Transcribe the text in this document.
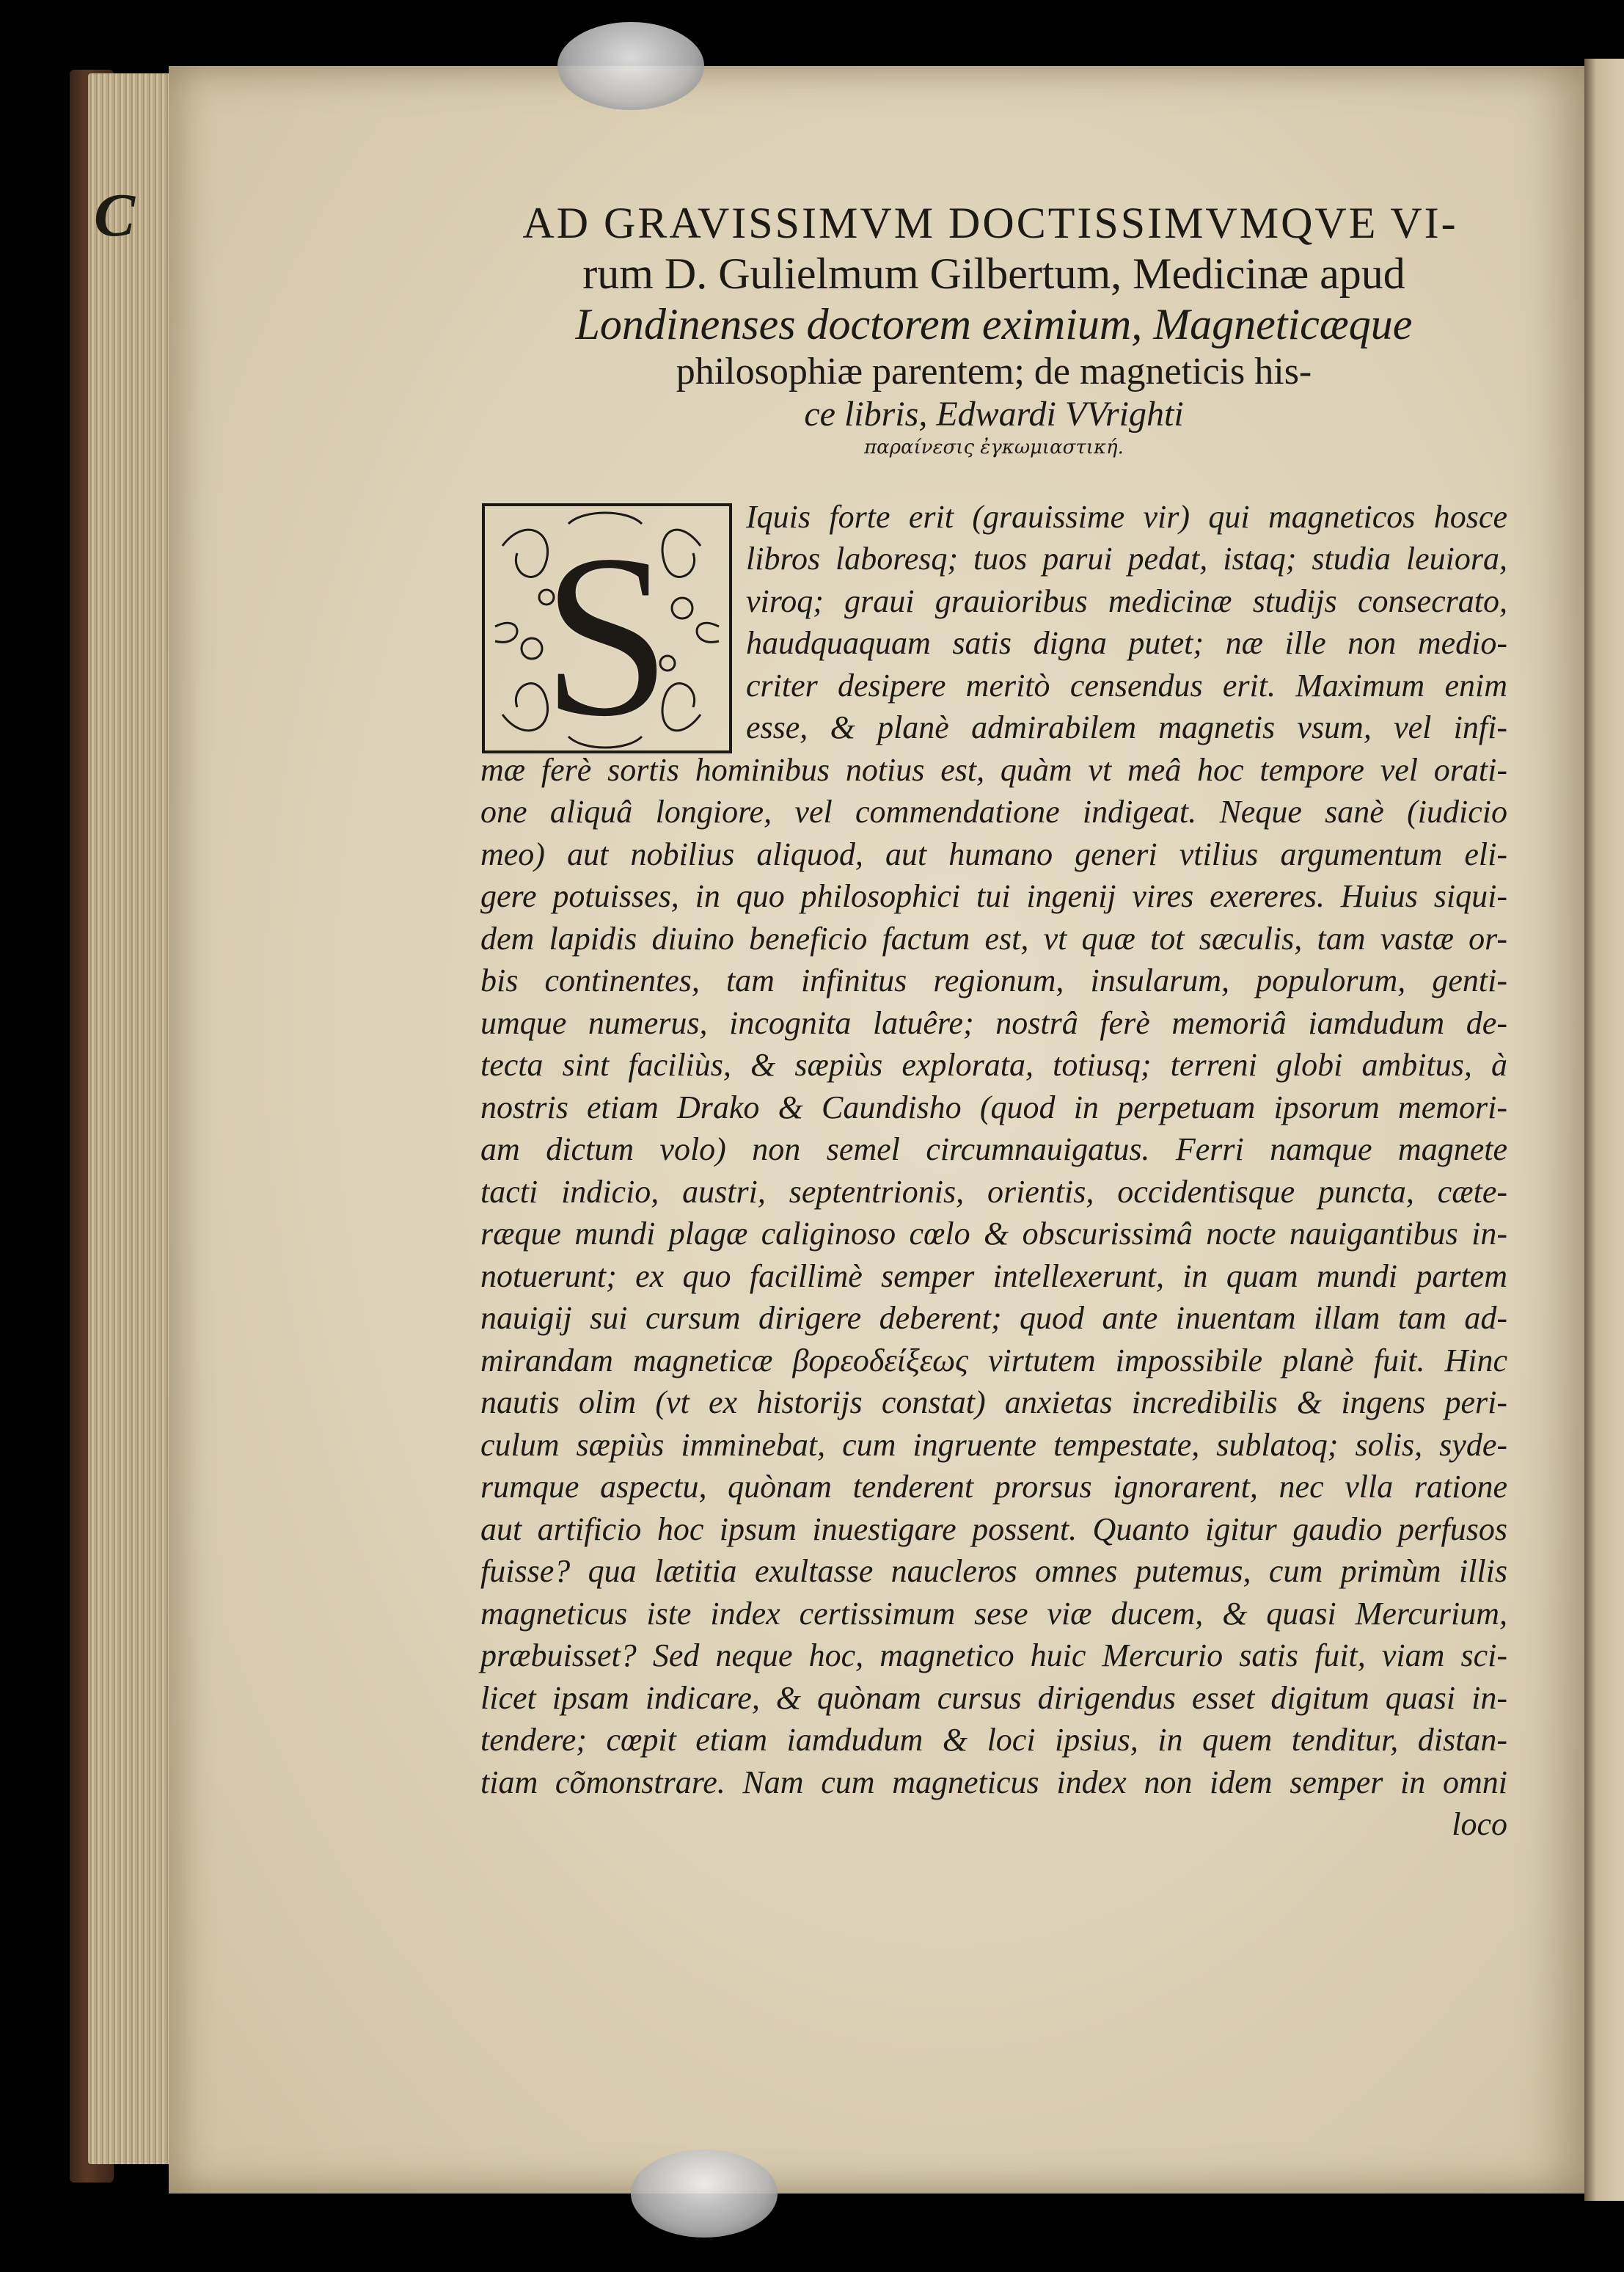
C	AD GRAVISSIMVM DOCTISSIMVMQVE VI-
rum D. Gulielmum Gilbertum, Medicinæ apud
Londinenses doctorem eximium, Magneticæque
philosophiæ parentem; de magneticis his-
ce libris, Edwardi VVrighti
παραίνεσις ἐγκωμιαστική.
S Iquis forte erit (grauissime vir) qui magneticos hosce
libros laboresq; tuos parui pedat, istaq; studia leuiora,
viroq; graui grauioribus medicinæ studijs consecrato,
haudquaquam satis digna putet; næ ille non medio-
criter desipere meritò censendus erit. Maximum enim
esse, & planè admirabilem magnetis vsum, vel infi-
mæ ferè sortis hominibus notius est, quàm vt meâ hoc tempore vel orati-
one aliquâ longiore, vel commendatione indigeat. Neque sanè (iudicio
meo) aut nobilius aliquod, aut humano generi vtilius argumentum eli-
gere potuisses, in quo philosophici tui ingenij vires exereres. Huius siqui-
dem lapidis diuino beneficio factum est, vt quæ tot sæculis, tam vastæ or-
bis continentes, tam infinitus regionum, insularum, populorum, genti-
umque numerus, incognita latuêre; nostrâ ferè memoriâ iamdudum de-
tecta sint faciliùs, & sæpiùs explorata, totiusq; terreni globi ambitus, à
nostris etiam Drako & Caundisho (quod in perpetuam ipsorum memori-
am dictum volo) non semel circumnauigatus. Ferri namque magnete
tacti indicio, austri, septentrionis, orientis, occidentisque puncta, cæte-
ræque mundi plagæ caliginoso cœlo & obscurissimâ nocte nauigantibus in-
notuerunt; ex quo facillimè semper intellexerunt, in quam mundi partem
nauigij sui cursum dirigere deberent; quod ante inuentam illam tam ad-
mirandam magneticæ βορεοδείξεως virtutem impossibile planè fuit. Hinc
nautis olim (vt ex historijs constat) anxietas incredibilis & ingens peri-
culum sæpiùs imminebat, cum ingruente tempestate, sublatoq; solis, syde-
rumque aspectu, quònam tenderent prorsus ignorarent, nec vlla ratione
aut artificio hoc ipsum inuestigare possent. Quanto igitur gaudio perfusos
fuisse? qua lætitia exultasse naucleros omnes putemus, cum primùm illis
magneticus iste index certissimum sese viæ ducem, & quasi Mercurium,
præbuisset? Sed neque hoc, magnetico huic Mercurio satis fuit, viam sci-
licet ipsam indicare, & quònam cursus dirigendus esset digitum quasi in-
tendere; cœpit etiam iamdudum & loci ipsius, in quem tenditur, distan-
tiam cõmonstrare. Nam cum magneticus index non idem semper in omni
loco
